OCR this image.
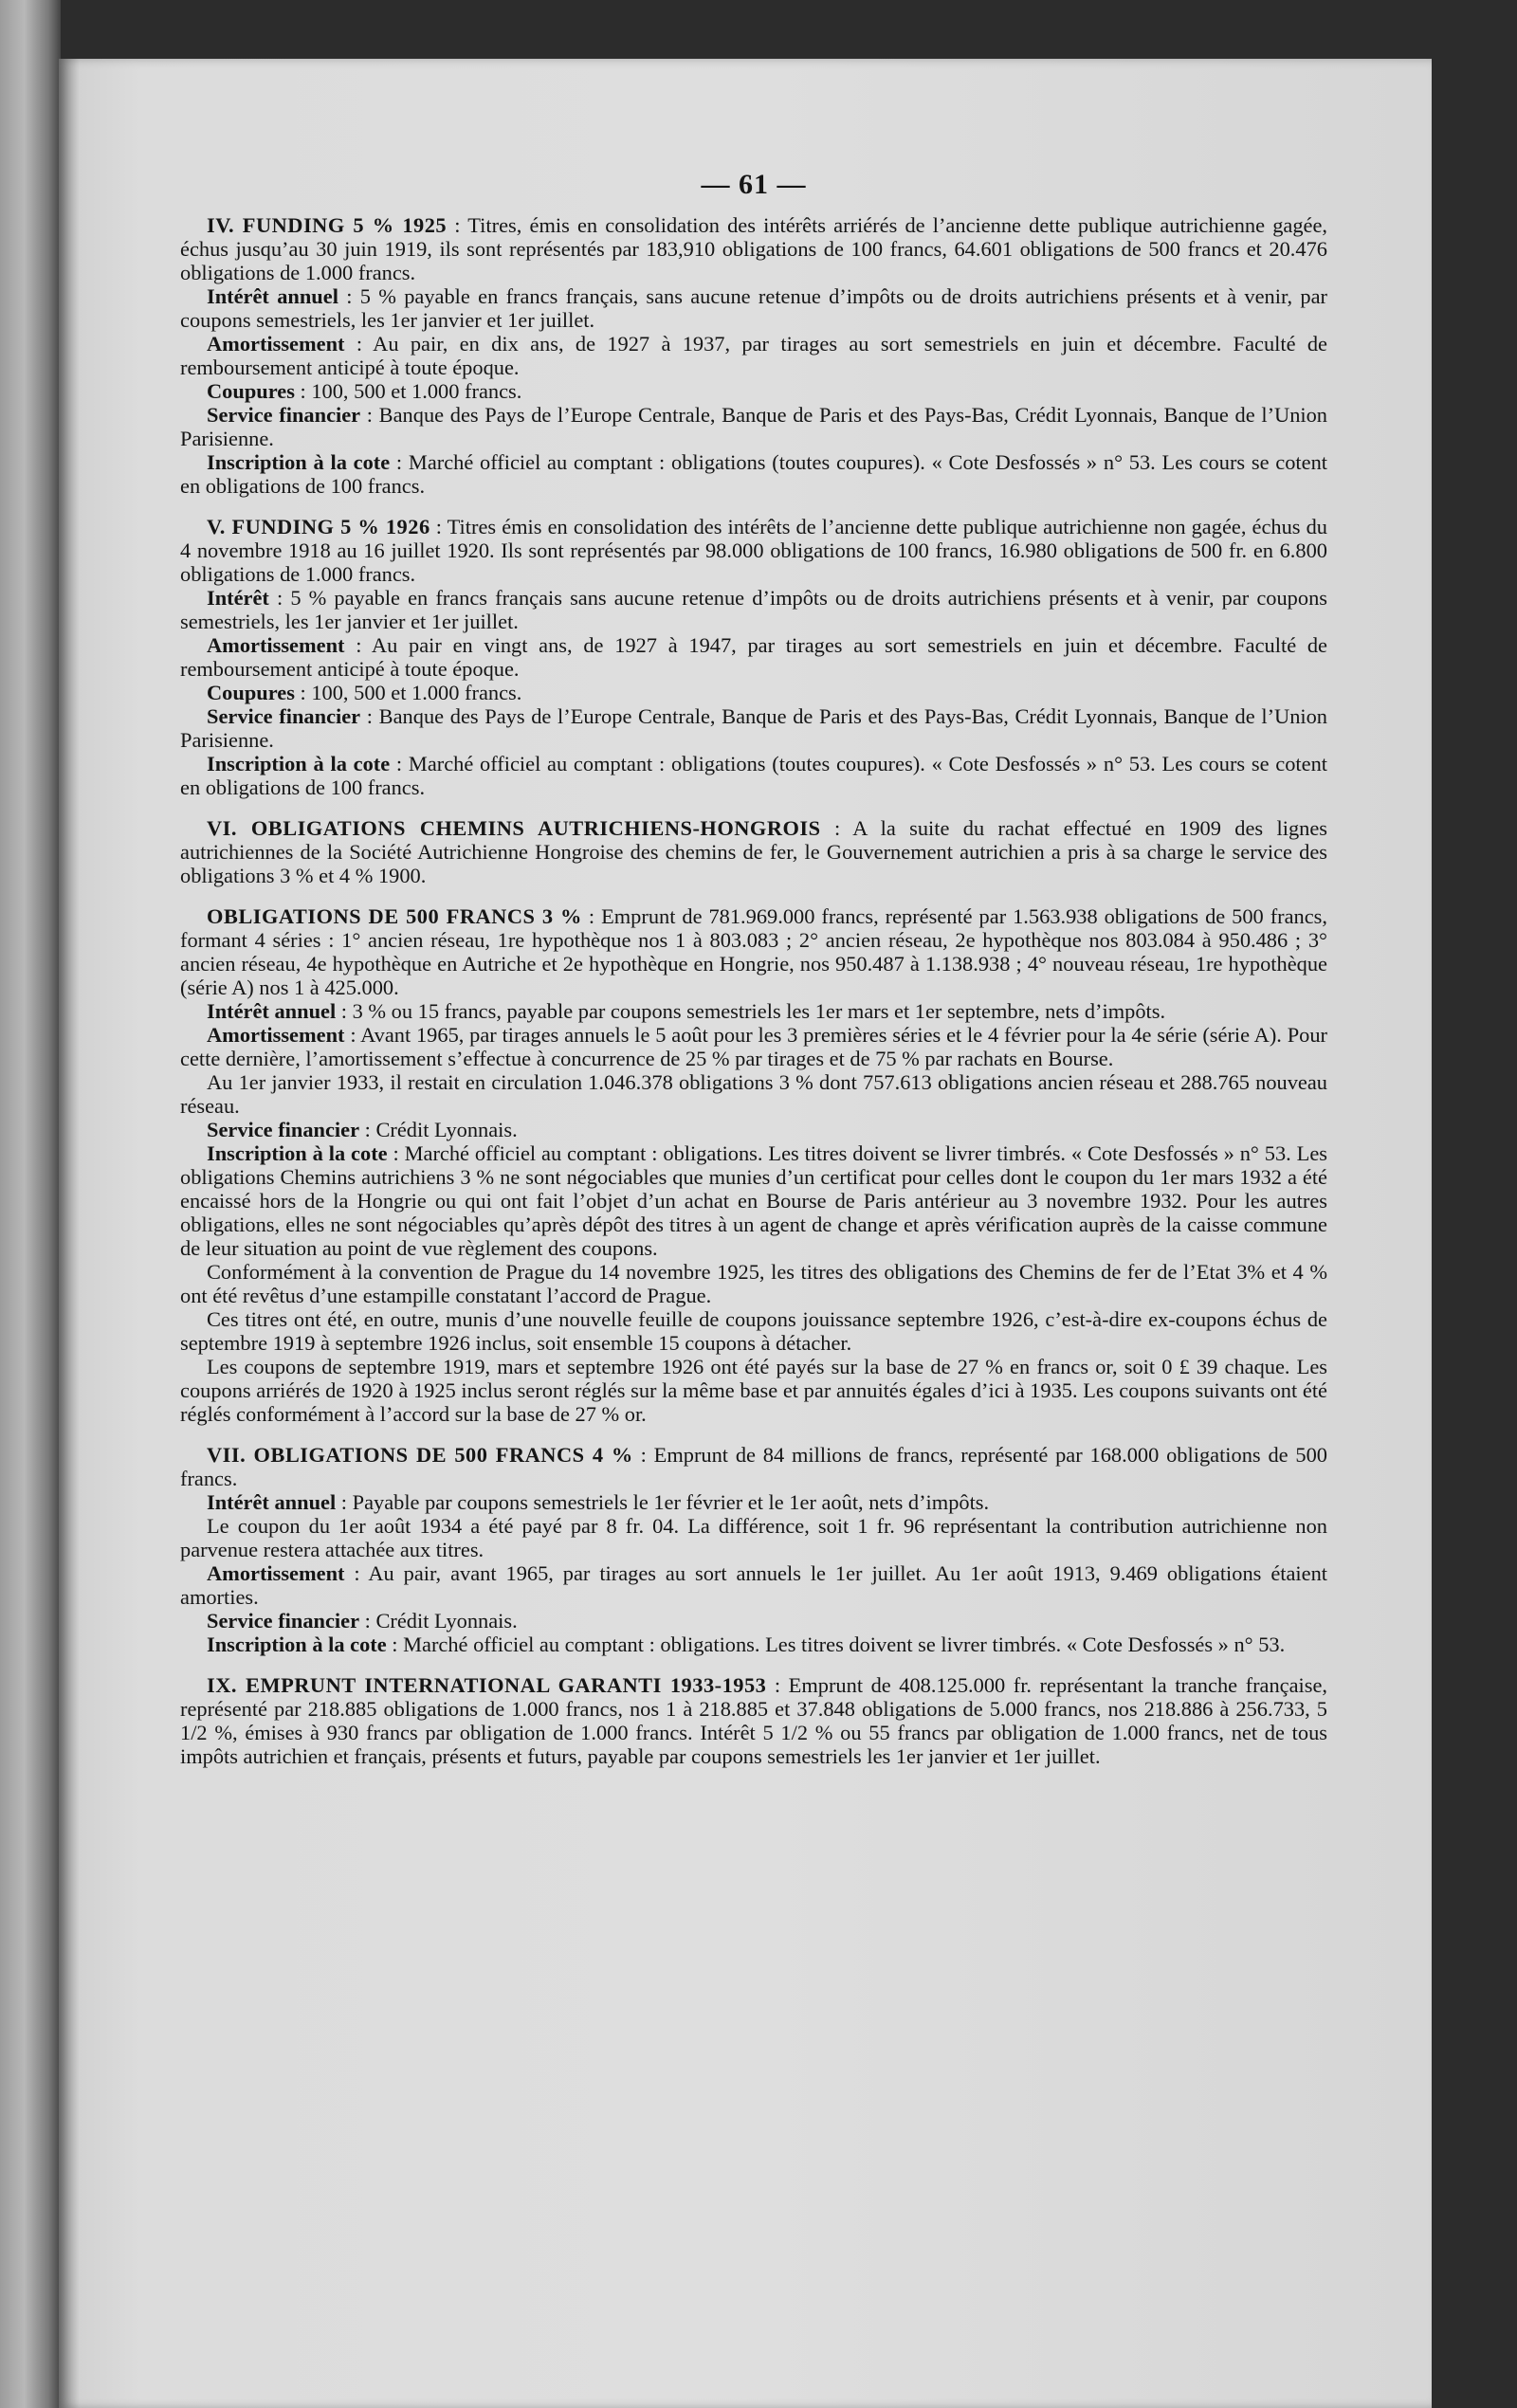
— 61 —

IV. FUNDING 5 % 1925 : Titres, émis en consolidation des intérêts arriérés de l’ancienne dette publique autrichienne gagée, échus jusqu’au 30 juin 1919, ils sont représentés par 183,910 obligations de 100 francs, 64.601 obligations de 500 francs et 20.476 obligations de 1.000 francs.

Intérêt annuel : 5 % payable en francs français, sans aucune retenue d’impôts ou de droits autrichiens présents et à venir, par coupons semestriels, les 1er janvier et 1er juillet.

Amortissement : Au pair, en dix ans, de 1927 à 1937, par tirages au sort semestriels en juin et décembre. Faculté de remboursement anticipé à toute époque.

Coupures : 100, 500 et 1.000 francs.

Service financier : Banque des Pays de l’Europe Centrale, Banque de Paris et des Pays-Bas, Crédit Lyonnais, Banque de l’Union Parisienne.

Inscription à la cote : Marché officiel au comptant : obligations (toutes coupures). « Cote Desfossés » n° 53. Les cours se cotent en obligations de 100 francs.

V. FUNDING 5 % 1926 : Titres émis en consolidation des intérêts de l’ancienne dette publique autrichienne non gagée, échus du 4 novembre 1918 au 16 juillet 1920. Ils sont représentés par 98.000 obligations de 100 francs, 16.980 obligations de 500 fr. en 6.800 obligations de 1.000 francs.

Intérêt : 5 % payable en francs français sans aucune retenue d’impôts ou de droits autrichiens présents et à venir, par coupons semestriels, les 1er janvier et 1er juillet.

Amortissement : Au pair en vingt ans, de 1927 à 1947, par tirages au sort semestriels en juin et décembre. Faculté de remboursement anticipé à toute époque.

Coupures : 100, 500 et 1.000 francs.

Service financier : Banque des Pays de l’Europe Centrale, Banque de Paris et des Pays-Bas, Crédit Lyonnais, Banque de l’Union Parisienne.

Inscription à la cote : Marché officiel au comptant : obligations (toutes coupures). « Cote Desfossés » n° 53. Les cours se cotent en obligations de 100 francs.

VI. OBLIGATIONS CHEMINS AUTRICHIENS-HONGROIS : A la suite du rachat effectué en 1909 des lignes autrichiennes de la Société Autrichienne Hongroise des chemins de fer, le Gouvernement autrichien a pris à sa charge le service des obligations 3 % et 4 % 1900.

OBLIGATIONS DE 500 FRANCS 3 % : Emprunt de 781.969.000 francs, représenté par 1.563.938 obligations de 500 francs, formant 4 séries : 1° ancien réseau, 1re hypothèque nos 1 à 803.083 ; 2° ancien réseau, 2e hypothèque nos 803.084 à 950.486 ; 3° ancien réseau, 4e hypothèque en Autriche et 2e hypothèque en Hongrie, nos 950.487 à 1.138.938 ; 4° nouveau réseau, 1re hypothèque (série A) nos 1 à 425.000.

Intérêt annuel : 3 % ou 15 francs, payable par coupons semestriels les 1er mars et 1er septembre, nets d’impôts.

Amortissement : Avant 1965, par tirages annuels le 5 août pour les 3 premières séries et le 4 février pour la 4e série (série A). Pour cette dernière, l’amortissement s’effectue à concurrence de 25 % par tirages et de 75 % par rachats en Bourse.

Au 1er janvier 1933, il restait en circulation 1.046.378 obligations 3 % dont 757.613 obligations ancien réseau et 288.765 nouveau réseau.

Service financier : Crédit Lyonnais.

Inscription à la cote : Marché officiel au comptant : obligations. Les titres doivent se livrer timbrés. « Cote Desfossés » n° 53. Les obligations Chemins autrichiens 3 % ne sont négociables que munies d’un certificat pour celles dont le coupon du 1er mars 1932 a été encaissé hors de la Hongrie ou qui ont fait l’objet d’un achat en Bourse de Paris antérieur au 3 novembre 1932. Pour les autres obligations, elles ne sont négociables qu’après dépôt des titres à un agent de change et après vérification auprès de la caisse commune de leur situation au point de vue règlement des coupons.

Conformément à la convention de Prague du 14 novembre 1925, les titres des obligations des Chemins de fer de l’Etat 3% et 4 % ont été revêtus d’une estampille constatant l’accord de Prague.

Ces titres ont été, en outre, munis d’une nouvelle feuille de coupons jouissance septembre 1926, c’est-à-dire ex-coupons échus de septembre 1919 à septembre 1926 inclus, soit ensemble 15 coupons à détacher.

Les coupons de septembre 1919, mars et septembre 1926 ont été payés sur la base de 27 % en francs or, soit 0 £ 39 chaque. Les coupons arriérés de 1920 à 1925 inclus seront réglés sur la même base et par annuités égales d’ici à 1935. Les coupons suivants ont été réglés conformément à l’accord sur la base de 27 % or.

VII. OBLIGATIONS DE 500 FRANCS 4 % : Emprunt de 84 millions de francs, représenté par 168.000 obligations de 500 francs.

Intérêt annuel : Payable par coupons semestriels le 1er février et le 1er août, nets d’impôts.

Le coupon du 1er août 1934 a été payé par 8 fr. 04. La différence, soit 1 fr. 96 représentant la contribution autrichienne non parvenue restera attachée aux titres.

Amortissement : Au pair, avant 1965, par tirages au sort annuels le 1er juillet. Au 1er août 1913, 9.469 obligations étaient amorties.

Service financier : Crédit Lyonnais.

Inscription à la cote : Marché officiel au comptant : obligations. Les titres doivent se livrer timbrés. « Cote Desfossés » n° 53.

IX. EMPRUNT INTERNATIONAL GARANTI 1933-1953 : Emprunt de 408.125.000 fr. représentant la tranche française, représenté par 218.885 obligations de 1.000 francs, nos 1 à 218.885 et 37.848 obligations de 5.000 francs, nos 218.886 à 256.733, 5 1/2 %, émises à 930 francs par obligation de 1.000 francs. Intérêt 5 1/2 % ou 55 francs par obligation de 1.000 francs, net de tous impôts autrichien et français, présents et futurs, payable par coupons semestriels les 1er janvier et 1er juillet.
